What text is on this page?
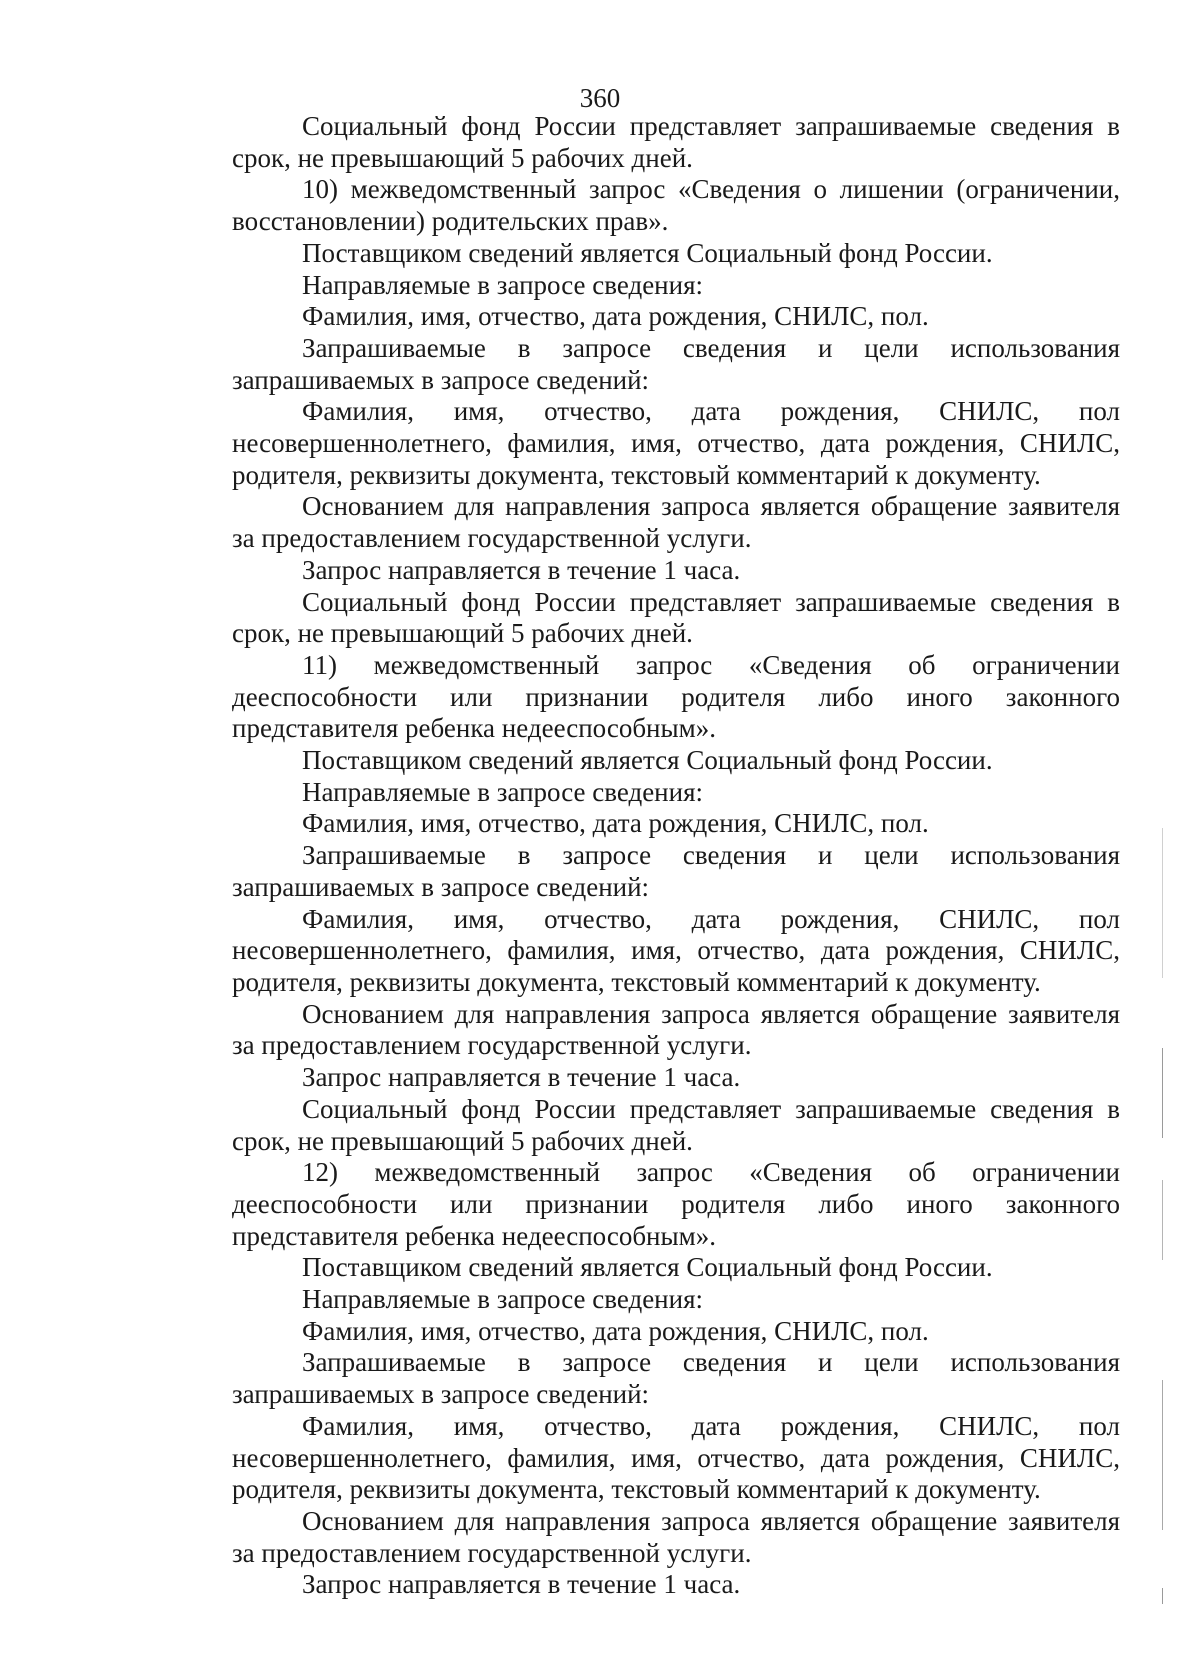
360

Социальный фонд России представляет запрашиваемые сведения в срок, не превышающий 5 рабочих дней.

10) межведомственный запрос «Сведения о лишении (ограничении, восстановлении) родительских прав».

Поставщиком сведений является Социальный фонд России.

Направляемые в запросе сведения:

Фамилия, имя, отчество, дата рождения, СНИЛС, пол.

Запрашиваемые в запросе сведения и цели использования запрашиваемых в запросе сведений:

Фамилия, имя, отчество, дата рождения, СНИЛС, пол несовершеннолетнего, фамилия, имя, отчество, дата рождения, СНИЛС, родителя, реквизиты документа, текстовый комментарий к документу.

Основанием для направления запроса является обращение заявителя за предоставлением государственной услуги.

Запрос направляется в течение 1 часа.

Социальный фонд России представляет запрашиваемые сведения в срок, не превышающий 5 рабочих дней.

11) межведомственный запрос «Сведения об ограничении дееспособности или признании родителя либо иного законного представителя ребенка недееспособным».

Поставщиком сведений является Социальный фонд России.

Направляемые в запросе сведения:

Фамилия, имя, отчество, дата рождения, СНИЛС, пол.

Запрашиваемые в запросе сведения и цели использования запрашиваемых в запросе сведений:

Фамилия, имя, отчество, дата рождения, СНИЛС, пол несовершеннолетнего, фамилия, имя, отчество, дата рождения, СНИЛС, родителя, реквизиты документа, текстовый комментарий к документу.

Основанием для направления запроса является обращение заявителя за предоставлением государственной услуги.

Запрос направляется в течение 1 часа.

Социальный фонд России представляет запрашиваемые сведения в срок, не превышающий 5 рабочих дней.

12) межведомственный запрос «Сведения об ограничении дееспособности или признании родителя либо иного законного представителя ребенка недееспособным».

Поставщиком сведений является Социальный фонд России.

Направляемые в запросе сведения:

Фамилия, имя, отчество, дата рождения, СНИЛС, пол.

Запрашиваемые в запросе сведения и цели использования запрашиваемых в запросе сведений:

Фамилия, имя, отчество, дата рождения, СНИЛС, пол несовершеннолетнего, фамилия, имя, отчество, дата рождения, СНИЛС, родителя, реквизиты документа, текстовый комментарий к документу.

Основанием для направления запроса является обращение заявителя за предоставлением государственной услуги.

Запрос направляется в течение 1 часа.
